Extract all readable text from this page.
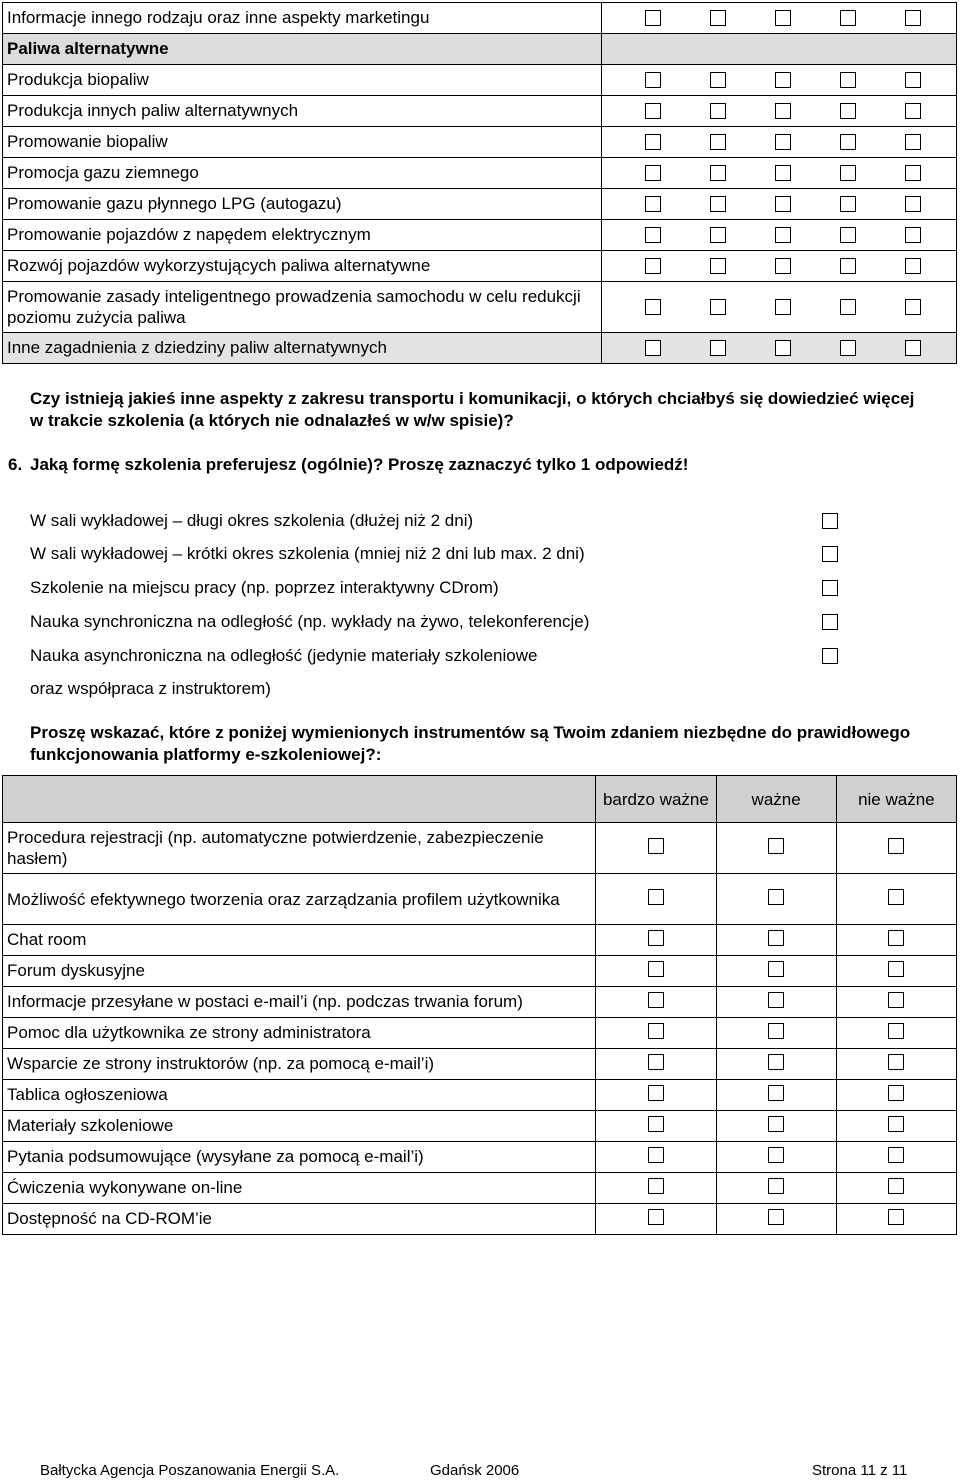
Informacje innego rodzaju oraz inne aspekty marketingu	

Paliwa alternatywne	
Produkcja biopaliw	

Produkcja innych paliw alternatywnych	

Promowanie biopaliw	

Promocja gazu ziemnego	

Promowanie gazu płynnego LPG (autogazu)	

Promowanie pojazdów z napędem elektrycznym	

Rozwój pojazdów wykorzystujących paliwa alternatywne	

Promowanie zasady inteligentnego prowadzenia samochodu w celu redukcji poziomu zużycia paliwa	

Inne zagadnienia z dziedziny paliw alternatywnych	
Czy istnieją jakieś inne aspekty z zakresu transportu i komunikacji, o których chciałbyś się dowiedzieć więcej w trakcie szkolenia (a których nie odnalazłeś w w/w spisie)?
6. Jaką formę szkolenia preferujesz (ogólnie)? Proszę zaznaczyć tylko 1 odpowiedź!
W sali wykładowej – długi okres szkolenia (dłużej niż 2 dni)
W sali wykładowej – krótki okres szkolenia (mniej niż 2 dni lub max. 2 dni)
Szkolenie na miejscu pracy (np. poprzez interaktywny CDrom)
Nauka synchroniczna na odległość (np. wykłady na żywo, telekonferencje)
Nauka asynchroniczna na odległość (jedynie materiały szkoleniowe
oraz współpraca z instruktorem)
Proszę wskazać, które z poniżej wymienionych instrumentów są Twoim zdaniem niezbędne do prawidłowego funkcjonowania platformy e-szkoleniowej?:
	bardzo ważne	ważne	nie ważne
Procedura rejestracji (np. automatyczne potwierdzenie, zabezpieczenie hasłem)			
Możliwość efektywnego tworzenia oraz zarządzania profilem użytkownika			
Chat room			
Forum dyskusyjne			
Informacje przesyłane w postaci e-mail’i (np. podczas trwania forum)			
Pomoc dla użytkownika ze strony administratora			
Wsparcie ze strony instruktorów (np. za pomocą e-mail’i)			
Tablica ogłoszeniowa			
Materiały szkoleniowe			
Pytania podsumowujące (wysyłane za pomocą e-mail’i)			
Ćwiczenia wykonywane on-line			
Dostępność na CD-ROM’ie			
Bałtycka Agencja Poszanowania Energii S.A.	Gdańsk 2006	Strona 11 z 11
